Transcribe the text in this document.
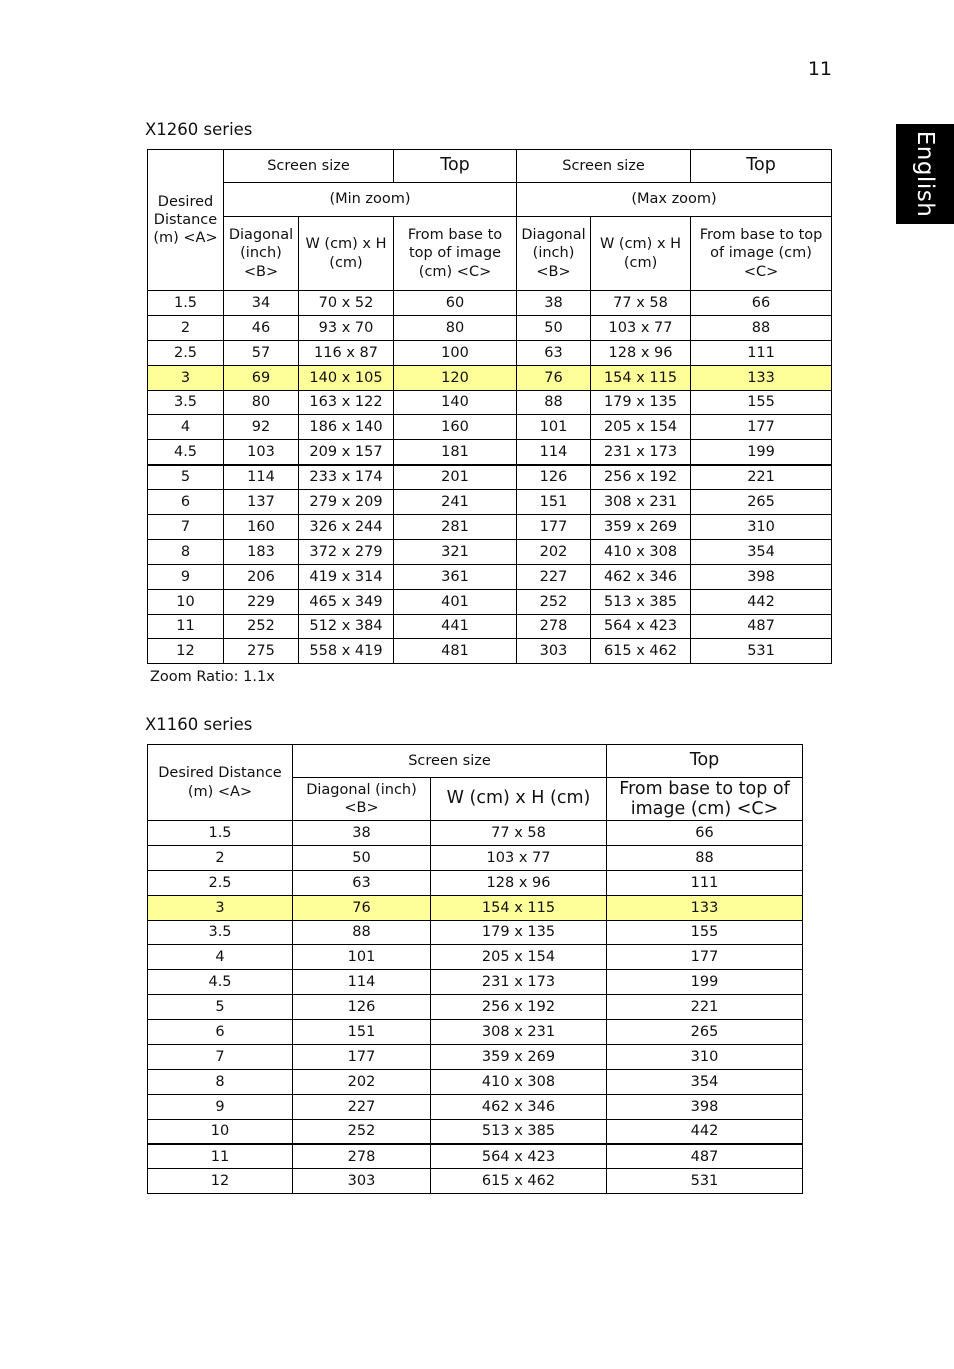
11
English
X1260 series
Desired Distance (m) <A>	Screen size		Top	Screen size		Top
	(Min zoom)			(Max zoom)		
	Diagonal (inch) <B>	W (cm) x H (cm)	From base to top of image (cm) <C>	Diagonal (inch) <B>	W (cm) x H (cm)	From base to top of image (cm) <C>
1.5	34	70 x 52	60	38	77 x 58	66
2	46	93 x 70	80	50	103 x 77	88
2.5	57	116 x 87	100	63	128 x 96	111
3	69	140 x 105	120	76	154 x 115	133
3.5	80	163 x 122	140	88	179 x 135	155
4	92	186 x 140	160	101	205 x 154	177
4.5	103	209 x 157	181	114	231 x 173	199
5	114	233 x 174	201	126	256 x 192	221
6	137	279 x 209	241	151	308 x 231	265
7	160	326 x 244	281	177	359 x 269	310
8	183	372 x 279	321	202	410 x 308	354
9	206	419 x 314	361	227	462 x 346	398
10	229	465 x 349	401	252	513 x 385	442
11	252	512 x 384	441	278	564 x 423	487
12	275	558 x 419	481	303	615 x 462	531
Zoom Ratio: 1.1x
X1160 series
Desired Distance (m) <A>	Screen size		Top
	Diagonal (inch) <B>	W (cm) x H (cm)	From base to top of image (cm) <C>
1.5	38	77 x 58	66
2	50	103 x 77	88
2.5	63	128 x 96	111
3	76	154 x 115	133
3.5	88	179 x 135	155
4	101	205 x 154	177
4.5	114	231 x 173	199
5	126	256 x 192	221
6	151	308 x 231	265
7	177	359 x 269	310
8	202	410 x 308	354
9	227	462 x 346	398
10	252	513 x 385	442
11	278	564 x 423	487
12	303	615 x 462	531
